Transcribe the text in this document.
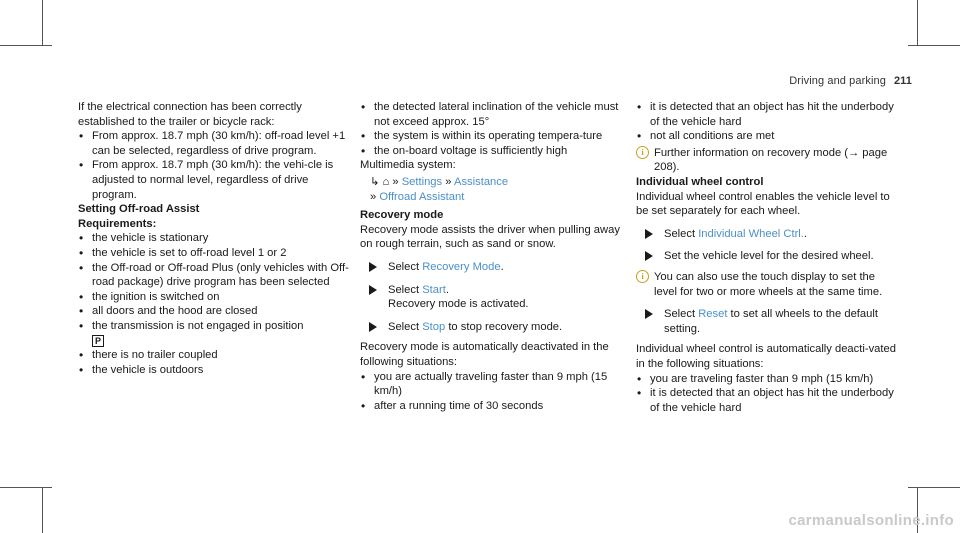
Driving and parking 211

If the electrical connection has been correctly established to the trailer or bicycle rack:

• From approx. 18.7 mph (30 km/h): off-road level +1 can be selected, regardless of drive program.
• From approx. 18.7 mph (30 km/h): the vehi-cle is adjusted to normal level, regardless of drive program.

Setting Off-road Assist

Requirements:

• the vehicle is stationary
• the vehicle is set to off-road level 1 or 2
• the Off-road or Off-road Plus (only vehicles with Off-road package) drive program has been selected
• the ignition is switched on
• all doors and the hood are closed
• the transmission is not engaged in position
P
• there is no trailer coupled
• the vehicle is outdoors
• the detected lateral inclination of the vehicle must not exceed approx. 15°
• the system is within its operating tempera-ture
• the on-board voltage is sufficiently high

Multimedia system:

↳ ⌂ » Settings » Assistance
» Offroad Assistant

Recovery mode

Recovery mode assists the driver when pulling away on rough terrain, such as sand or snow.

Select Recovery Mode.
Select Start.
Recovery mode is activated.
Select Stop to stop recovery mode.

Recovery mode is automatically deactivated in the following situations:

• you are actually traveling faster than 9 mph (15 km/h)
• after a running time of 30 seconds
• it is detected that an object has hit the underbody of the vehicle hard
• not all conditions are met
i Further information on recovery mode (→ page 208).

Individual wheel control

Individual wheel control enables the vehicle level to be set separately for each wheel.

Select Individual Wheel Ctrl..
Set the vehicle level for the desired wheel.
i You can also use the touch display to set the level for two or more wheels at the same time.
Select Reset to set all wheels to the default setting.

Individual wheel control is automatically deacti-vated in the following situations:

• you are traveling faster than 9 mph (15 km/h)
• it is detected that an object has hit the underbody of the vehicle hard
carmanualsonline.info
